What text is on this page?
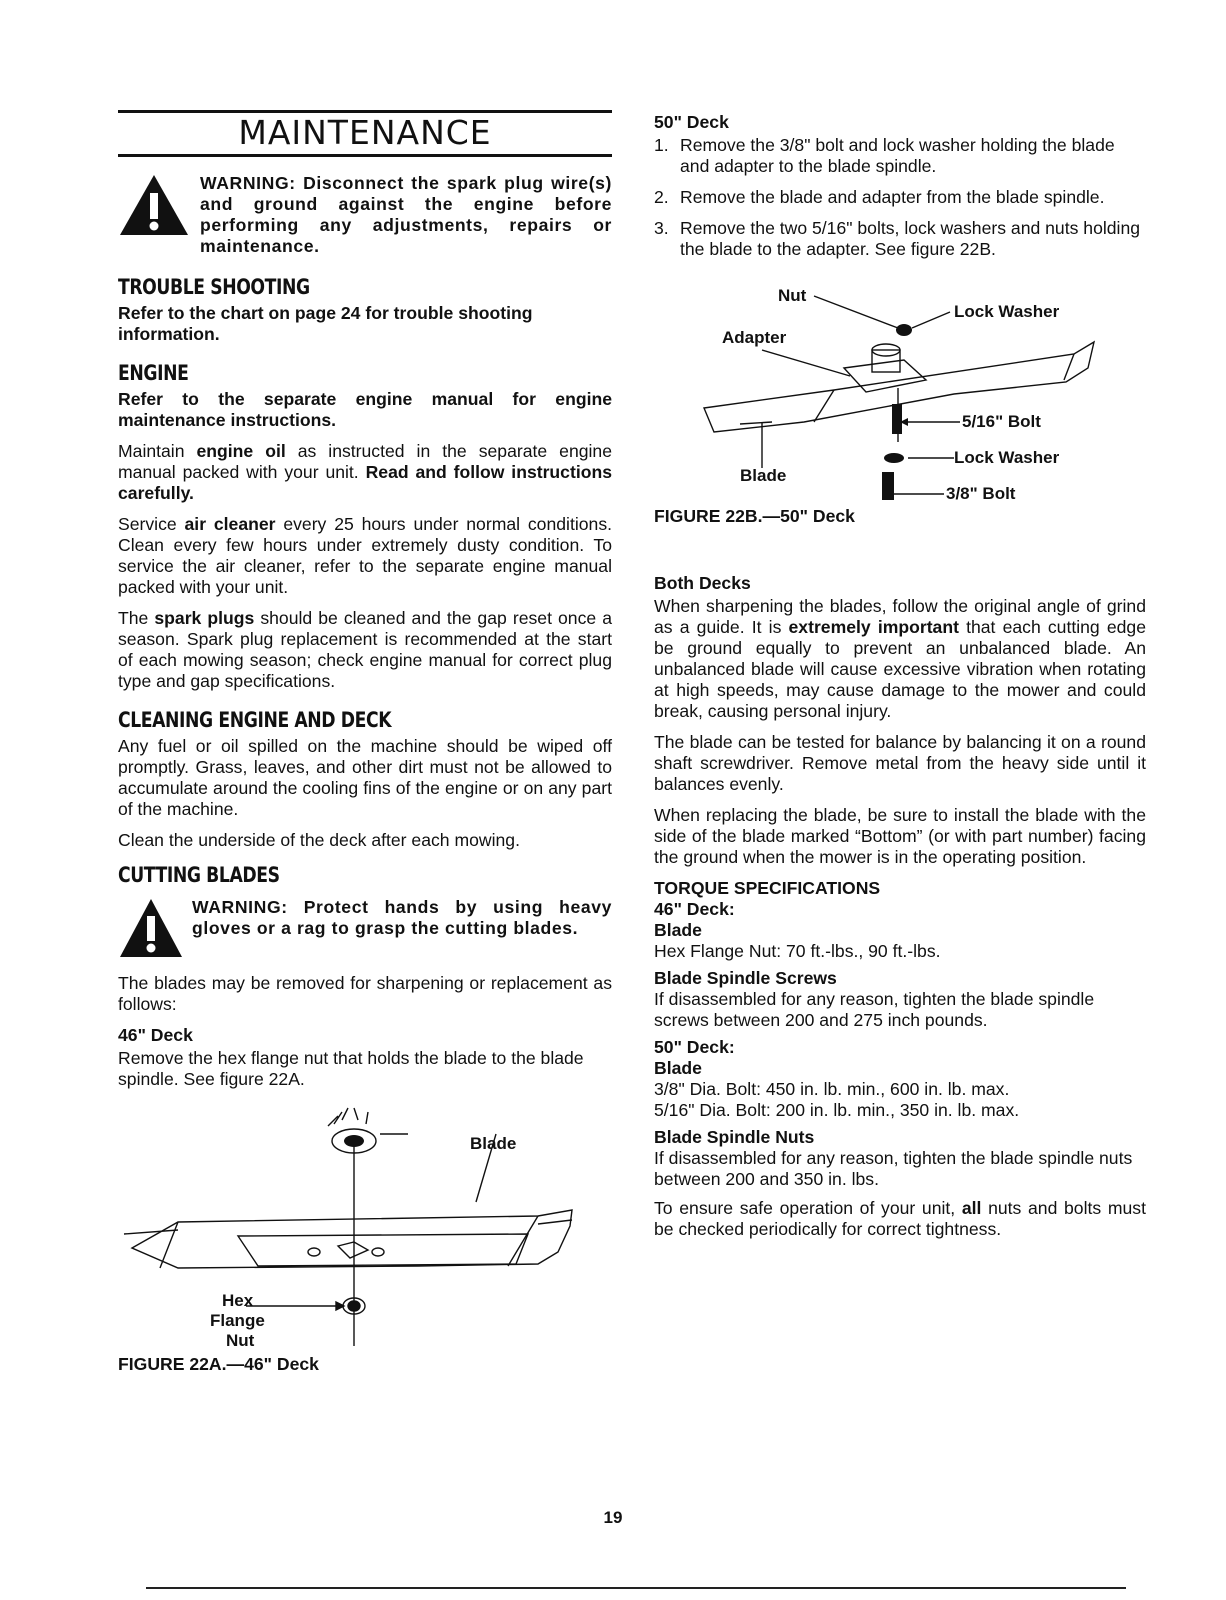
MAINTENANCE

WARNING: Disconnect the spark plug wire(s) and ground against the engine before performing any adjustments, repairs or maintenance.

TROUBLE SHOOTING

Refer to the chart on page 24 for trouble shooting information.

ENGINE

Refer to the separate engine manual for engine maintenance instructions.

Maintain engine oil as instructed in the separate engine manual packed with your unit. Read and follow instructions carefully.

Service air cleaner every 25 hours under normal conditions. Clean every few hours under extremely dusty condition. To service the air cleaner, refer to the separate engine manual packed with your unit.

The spark plugs should be cleaned and the gap reset once a season. Spark plug replacement is recommended at the start of each mowing season; check engine manual for correct plug type and gap specifications.

CLEANING ENGINE AND DECK

Any fuel or oil spilled on the machine should be wiped off promptly. Grass, leaves, and other dirt must not be allowed to accumulate around the cooling fins of the engine or on any part of the machine.

Clean the underside of the deck after each mowing.

CUTTING BLADES

WARNING: Protect hands by using heavy gloves or a rag to grasp the cutting blades.

The blades may be removed for sharpening or replacement as follows:

46" Deck

Remove the hex flange nut that holds the blade to the blade spindle. See figure 22A.

Blade
Hex
Flange
Nut

FIGURE 22A.—46" Deck

50" Deck

1. Remove the 3/8" bolt and lock washer holding the blade and adapter to the blade spindle.
2. Remove the blade and adapter from the blade spindle.
3. Remove the two 5/16" bolts, lock washers and nuts holding the blade to the adapter. See figure 22B.
Nut
Lock Washer
Adapter
5/16" Bolt
Lock Washer
Blade
3/8" Bolt

FIGURE 22B.—50" Deck

Both Decks

When sharpening the blades, follow the original angle of grind as a guide. It is extremely important that each cutting edge be ground equally to prevent an unbalanced blade. An unbalanced blade will cause excessive vibration when rotating at high speeds, may cause damage to the mower and could break, causing personal injury.

The blade can be tested for balance by balancing it on a round shaft screwdriver. Remove metal from the heavy side until it balances evenly.

When replacing the blade, be sure to install the blade with the side of the blade marked “Bottom” (or with part number) facing the ground when the mower is in the operating position.

TORQUE SPECIFICATIONS

46" Deck:

Blade

Hex Flange Nut: 70 ft.-lbs., 90 ft.-lbs.

Blade Spindle Screws

If disassembled for any reason, tighten the blade spindle screws between 200 and 275 inch pounds.

50" Deck:

Blade

3/8" Dia. Bolt: 450 in. lb. min., 600 in. lb. max.

5/16" Dia. Bolt: 200 in. lb. min., 350 in. lb. max.

Blade Spindle Nuts

If disassembled for any reason, tighten the blade spindle nuts between 200 and 350 in. lbs.

To ensure safe operation of your unit, all nuts and bolts must be checked periodically for correct tightness.

19
